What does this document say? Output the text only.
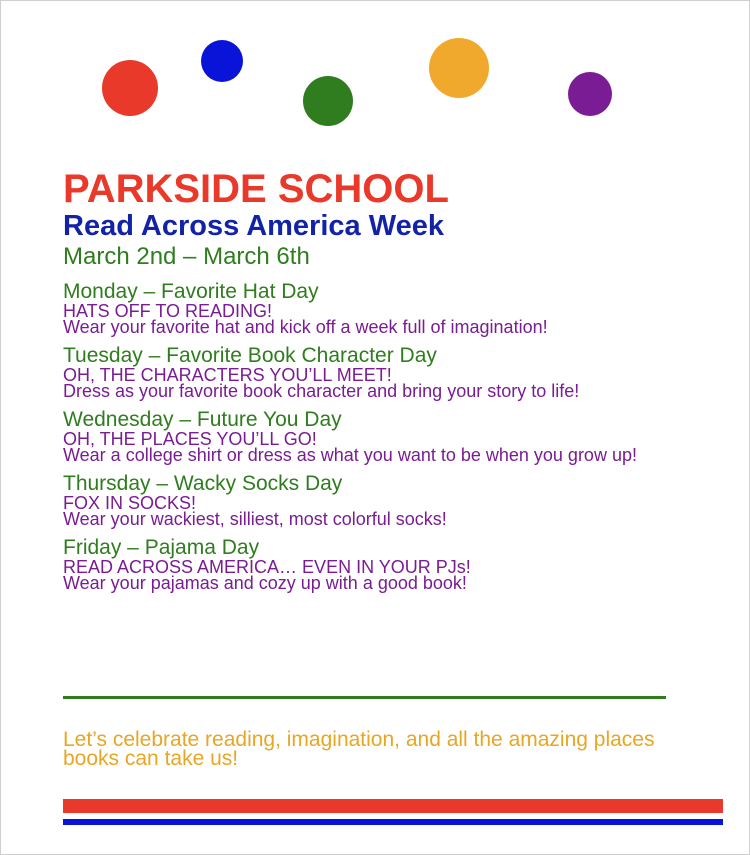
PARKSIDE SCHOOL
Read Across America Week
March 2nd – March 6th
Monday – Favorite Hat Day
HATS OFF TO READING!
Wear your favorite hat and kick off a week full of imagination!
Tuesday – Favorite Book Character Day
OH, THE CHARACTERS YOU’LL MEET!
Dress as your favorite book character and bring your story to life!
Wednesday – Future You Day
OH, THE PLACES YOU’LL GO!
Wear a college shirt or dress as what you want to be when you grow up!
Thursday – Wacky Socks Day
FOX IN SOCKS!
Wear your wackiest, silliest, most colorful socks!
Friday – Pajama Day
READ ACROSS AMERICA… EVEN IN YOUR PJs!
Wear your pajamas and cozy up with a good book!
Let’s celebrate reading, imagination, and all the amazing places books can take us!
